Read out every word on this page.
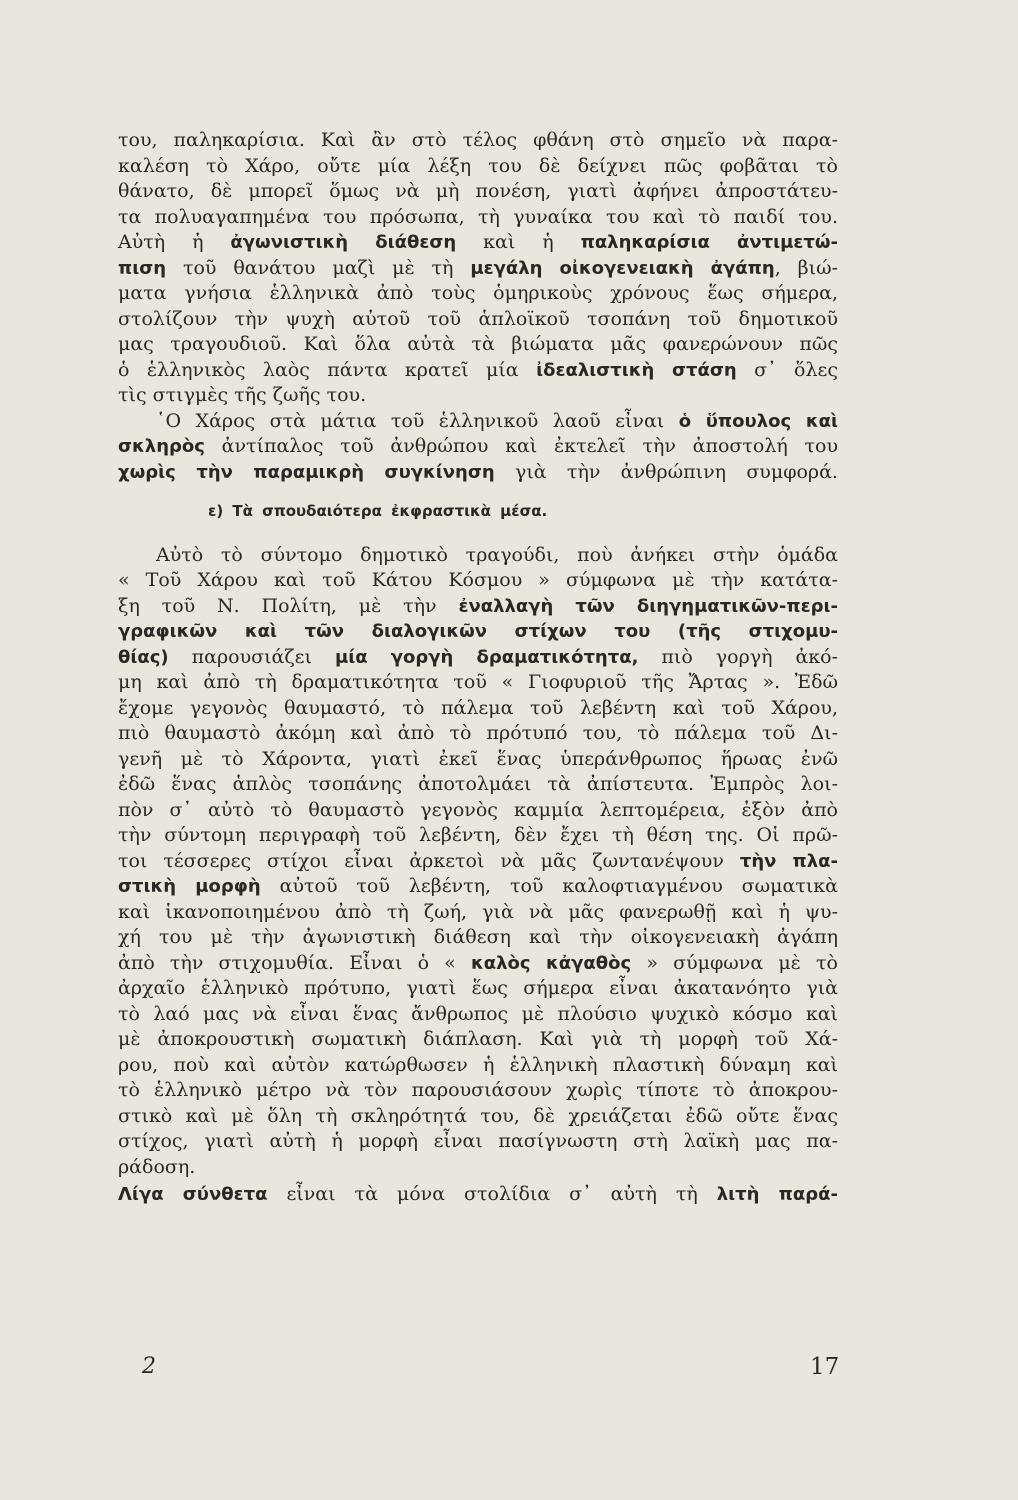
του, παληκαρίσια. Καὶ ἂν στὸ τέλος φθάνη στὸ σημεῖο νὰ παρα-
καλέση τὸ Χάρο, οὔτε μία λέξη του δὲ δείχνει πῶς φοβᾶται τὸ
θάνατο, δὲ μπορεῖ ὅμως νὰ μὴ πονέση, γιατὶ ἀφήνει ἀπροστάτευ-
τα πολυαγαπημένα του πρόσωπα, τὴ γυναίκα του καὶ τὸ παιδί του.
Αὐτὴ ἡ ἀγωνιστικὴ διάθεση καὶ ἡ παληκαρίσια ἀντιμετώ-
πιση τοῦ θανάτου μαζὶ μὲ τὴ μεγάλη οἰκογενειακὴ ἀγάπη, βιώ-
ματα γνήσια ἑλληνικὰ ἀπὸ τοὺς ὁμηρικοὺς χρόνους ἕως σήμερα,
στολίζουν τὴν ψυχὴ αὐτοῦ τοῦ ἁπλοϊκοῦ τσοπάνη τοῦ δημοτικοῦ
μας τραγουδιοῦ. Καὶ ὅλα αὐτὰ τὰ βιώματα μᾶς φανερώνουν πῶς
ὁ ἑλληνικὸς λαὸς πάντα κρατεῖ μία ἰδεαλιστικὴ στάση σ᾽ ὅλες
τὶς στιγμὲς τῆς ζωῆς του.
῾Ο Χάρος στὰ μάτια τοῦ ἑλληνικοῦ λαοῦ εἶναι ὁ ὕπουλος καὶ
σκληρὸς ἀντίπαλος τοῦ ἀνθρώπου καὶ ἐκτελεῖ τὴν ἀποστολή του
χωρὶς τὴν παραμικρὴ συγκίνηση γιὰ τὴν ἀνθρώπινη συμφορά.
ε) Τὰ σπουδαιότερα ἐκφραστικὰ μέσα.
Αὐτὸ τὸ σύντομο δημοτικὸ τραγούδι, ποὺ ἀνήκει στὴν ὁμάδα
« Τοῦ Χάρου καὶ τοῦ Κάτου Κόσμου » σύμφωνα μὲ τὴν κατάτα-
ξη τοῦ Ν. Πολίτη, μὲ τὴν ἐναλλαγὴ τῶν διηγηματικῶν-περι-
γραφικῶν καὶ τῶν διαλογικῶν στίχων του (τῆς στιχομυ-
θίας) παρουσιάζει μία γοργὴ δραματικότητα, πιὸ γοργὴ ἀκό-
μη καὶ ἀπὸ τὴ δραματικότητα τοῦ « Γιοφυριοῦ τῆς Ἄρτας ». Ἐδῶ
ἔχομε γεγονὸς θαυμαστό, τὸ πάλεμα τοῦ λεβέντη καὶ τοῦ Χάρου,
πιὸ θαυμαστὸ ἀκόμη καὶ ἀπὸ τὸ πρότυπό του, τὸ πάλεμα τοῦ Δι-
γενῆ μὲ τὸ Χάροντα, γιατὶ ἐκεῖ ἕνας ὑπεράνθρωπος ἥρωας ἐνῶ
ἐδῶ ἕνας ἁπλὸς τσοπάνης ἀποτολμάει τὰ ἀπίστευτα. Ἐμπρὸς λοι-
πὸν σ᾽ αὐτὸ τὸ θαυμαστὸ γεγονὸς καμμία λεπτομέρεια, ἐξὸν ἀπὸ
τὴν σύντομη περιγραφὴ τοῦ λεβέντη, δὲν ἔχει τὴ θέση της. Οἱ πρῶ-
τοι τέσσερες στίχοι εἶναι ἀρκετοὶ νὰ μᾶς ζωντανέψουν τὴν πλα-
στικὴ μορφὴ αὐτοῦ τοῦ λεβέντη, τοῦ καλοφτιαγμένου σωματικὰ
καὶ ἱκανοποιημένου ἀπὸ τὴ ζωή, γιὰ νὰ μᾶς φανερωθῇ καὶ ἡ ψυ-
χή του μὲ τὴν ἀγωνιστικὴ διάθεση καὶ τὴν οἰκογενειακὴ ἀγάπη
ἀπὸ τὴν στιχομυθία. Εἶναι ὁ « καλὸς κἀγαθὸς » σύμφωνα μὲ τὸ
ἀρχαῖο ἑλληνικὸ πρότυπο, γιατὶ ἕως σήμερα εἶναι ἀκατανόητο γιὰ
τὸ λαό μας νὰ εἶναι ἕνας ἄνθρωπος μὲ πλούσιο ψυχικὸ κόσμο καὶ
μὲ ἀποκρουστικὴ σωματικὴ διάπλαση. Καὶ γιὰ τὴ μορφὴ τοῦ Χά-
ρου, ποὺ καὶ αὐτὸν κατώρθωσεν ἡ ἑλληνικὴ πλαστικὴ δύναμη καὶ
τὸ ἑλληνικὸ μέτρο νὰ τὸν παρουσιάσουν χωρὶς τίποτε τὸ ἀποκρου-
στικὸ καὶ μὲ ὅλη τὴ σκληρότητά του, δὲ χρειάζεται ἐδῶ οὔτε ἕνας
στίχος, γιατὶ αὐτὴ ἡ μορφὴ εἶναι πασίγνωστη στὴ λαϊκὴ μας πα-
ράδοση.
Λίγα σύνθετα εἶναι τὰ μόνα στολίδια σ᾽ αὐτὴ τὴ λιτὴ παρά-
2	17
